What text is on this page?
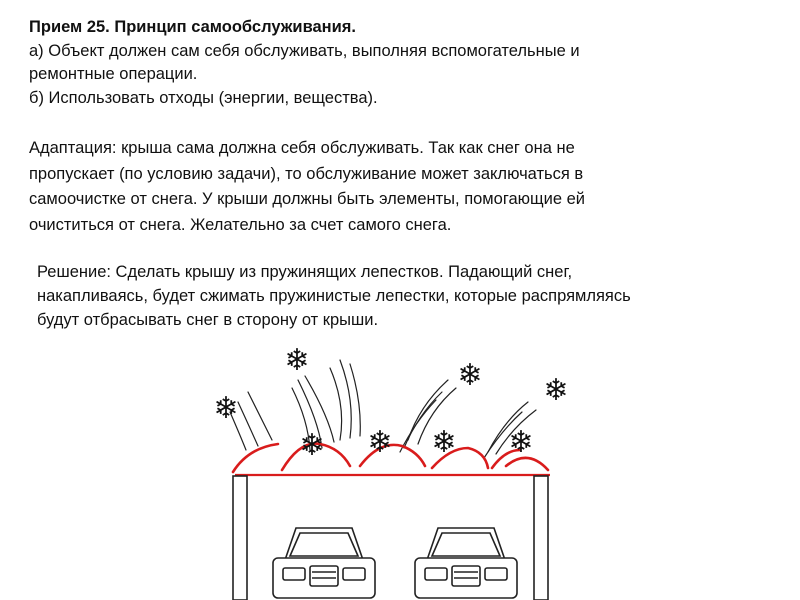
Прием 25. Принцип самообслуживания.

а) Объект должен сам себя обслуживать, выполняя вспомогательные и

ремонтные операции.

б) Использовать отходы (энергии, вещества).

Адаптация: крыша сама должна себя обслуживать. Так как снег она не

пропускает (по условию задачи), то обслуживание может заключаться в

самоочистке от снега. У крыши должны быть элементы, помогающие ей

очиститься от снега. Желательно за счет самого снега.

Решение: Сделать крышу из пружинящих лепестков. Падающий снег,

накапливаясь, будет сжимать пружинистые лепестки, которые распрямляясь

будут отбрасывать снег в сторону от крыши.

❄
❄
❄ ❄
❄ ❄ ❄ ❄
